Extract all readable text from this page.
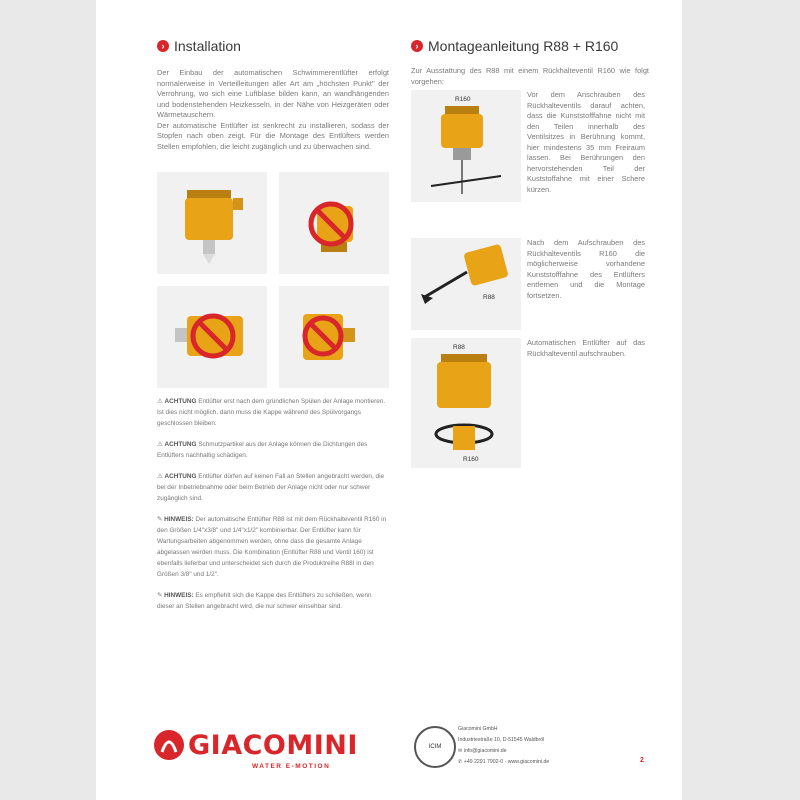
› Installation
Der Einbau der automatischen Schwimmerentlüfter erfolgt normalerweise in Verteilleitungen aller Art am „höchsten Punkt" der Verrohrung, wo sich eine Luftblase bilden kann, an wandhängenden und bodenstehenden Heizkesseln, in der Nähe von Heizgeräten oder Wärmetauschern.
Der automatische Entlüfter ist senkrecht zu installieren, sodass der Stopfen nach oben zeigt. Für die Montage des Entlüfters werden Stellen empfohlen, die leicht zugänglich und zu überwachen sind.

⚠ ACHTUNG Entlüfter erst nach dem gründlichen Spülen der Anlage montieren. Ist dies nicht möglich, dann muss die Kappe während des Spülvorgangs geschlossen bleiben.

⚠ ACHTUNG Schmutzpartikel aus der Anlage können die Dichtungen des Entlüfters nachhaltig schädigen.

⚠ ACHTUNG Entlüfter dürfen auf keinen Fall an Stellen angebracht werden, die bei der Inbetriebnahme oder beim Betrieb der Anlage nicht oder nur schwer zugänglich sind.

✎ HINWEIS: Der automatische Entlüfter R88 ist mit dem Rückhalteventil R160 in den Größen 1/4"x3/8" und 1/4"x1/2" kombinierbar. Der Entlüfter kann für Wartungsarbeiten abgenommen werden, ohne dass die gesamte Anlage abgelassen werden muss. Die Kombination (Entlüfter R88 und Ventil 160) ist ebenfalls lieferbar und unterscheidet sich durch die Produktreihe R88I in den Größen 3/8" und 1/2".

✎ HINWEIS: Es empfiehlt sich die Kappe des Entlüfters zu schließen, wenn dieser an Stellen angebracht wird, die nur schwer einsehbar sind.

› Montageanleitung R88 + R160
Zur Ausstattung des R88 mit einem Rückhalteventil R160 wie folgt vorgehen:
R160
Vor dem Anschrauben des Rückhalteventils darauf achten, dass die Kunststofffahne nicht mit den Teilen innerhalb des Ventilsitzes in Berührung kommt, hier mindestens 35 mm Freiraum lassen. Bei Berührungen den hervorstehenden Teil der Kuststoffahne mit einer Schere kürzen.
R88
Nach dem Aufschrauben des Rückhalteventils R160 die möglicherweise vorhandene Kunststofffahne des Entlüfters entfernen und die Montage fortsetzen.
R88
R160
Automatischen Entlüfter auf das Rückhalteventil aufschrauben.
GIACOMINI
WATER E-MOTION
ICIM
Giacomini GmbH
Industriestraße 10, D-51545 Waldbröl
✉ info@giacomini.de
✆ +49 2291 7902-0 · www.giacomini.de	2
